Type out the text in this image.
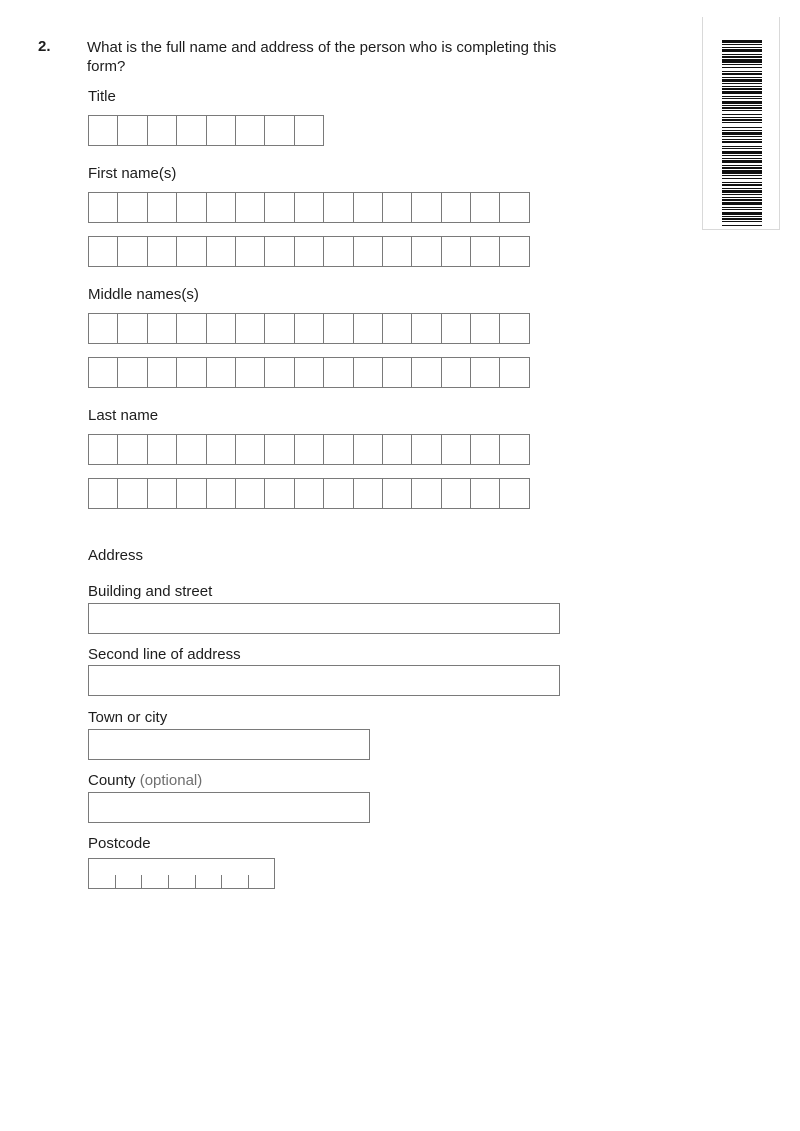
2. What is the full name and address of the person who is completing this form?
Title
First name(s)
Middle names(s)
Last name
Address
Building and street
Second line of address
Town or city
County (optional)
Postcode
